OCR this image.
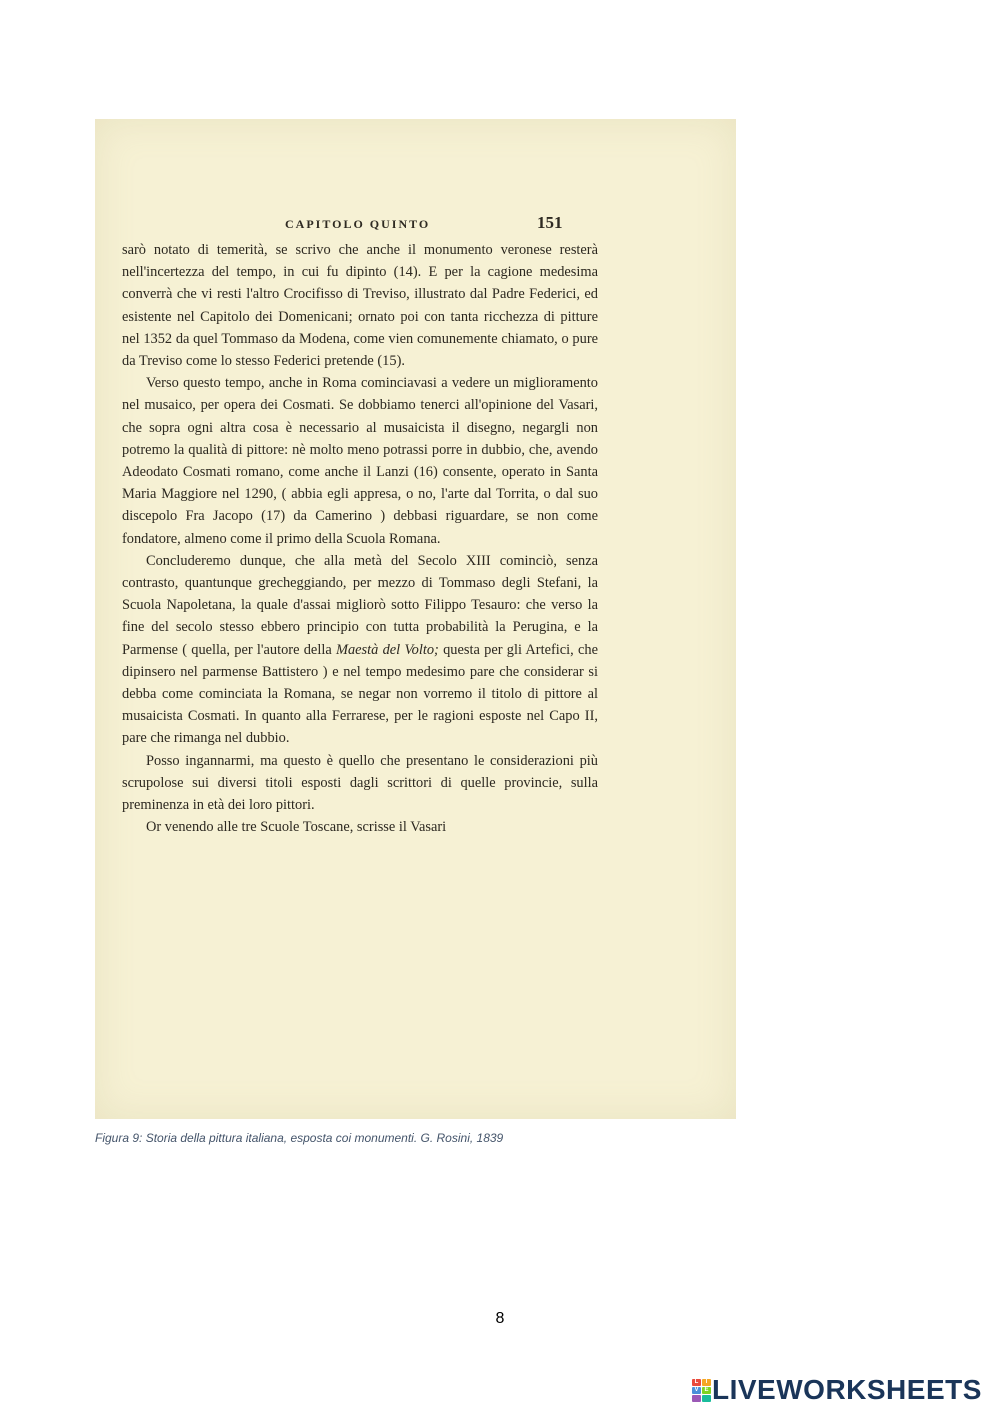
CAPITOLO QUINTO	151

sarò notato di temerità, se scrivo che anche il monumento veronese resterà nell'incertezza del tempo, in cui fu dipinto (14). E per la cagione medesima converrà che vi resti l'altro Crocifisso di Treviso, illustrato dal Padre Federici, ed esistente nel Capitolo dei Domenicani; ornato poi con tanta ricchezza di pitture nel 1352 da quel Tommaso da Modena, come vien comunemente chiamato, o pure da Treviso come lo stesso Federici pretende (15).

Verso questo tempo, anche in Roma cominciavasi a vedere un miglioramento nel musaico, per opera dei Cosmati. Se dobbiamo tenerci all'opinione del Vasari, che sopra ogni altra cosa è necessario al musaicista il disegno, negargli non potremo la qualità di pittore: nè molto meno potrassi porre in dubbio, che, avendo Adeodato Cosmati romano, come anche il Lanzi (16) consente, operato in Santa Maria Maggiore nel 1290, ( abbia egli appresa, o no, l'arte dal Torrita, o dal suo discepolo Fra Jacopo (17) da Camerino ) debbasi riguardare, se non come fondatore, almeno come il primo della Scuola Romana.

Concluderemo dunque, che alla metà del Secolo XIII cominciò, senza contrasto, quantunque grecheggiando, per mezzo di Tommaso degli Stefani, la Scuola Napoletana, la quale d'assai migliorò sotto Filippo Tesauro: che verso la fine del secolo stesso ebbero principio con tutta probabilità la Perugina, e la Parmense ( quella, per l'autore della Maestà del Volto; questa per gli Artefici, che dipinsero nel parmense Battistero ) e nel tempo medesimo pare che considerar si debba come cominciata la Romana, se negar non vorremo il titolo di pittore al musaicista Cosmati. In quanto alla Ferrarese, per le ragioni esposte nel Capo II, pare che rimanga nel dubbio.

Posso ingannarmi, ma questo è quello che presentano le considerazioni più scrupolose sui diversi titoli esposti dagli scrittori di quelle provincie, sulla preminenza in età dei loro pittori.

Or venendo alle tre Scuole Toscane, scrisse il Vasari

Figura 9: Storia della pittura italiana, esposta coi monumenti. G. Rosini, 1839
8
L	I
V E LIVEWORKSHEETS
